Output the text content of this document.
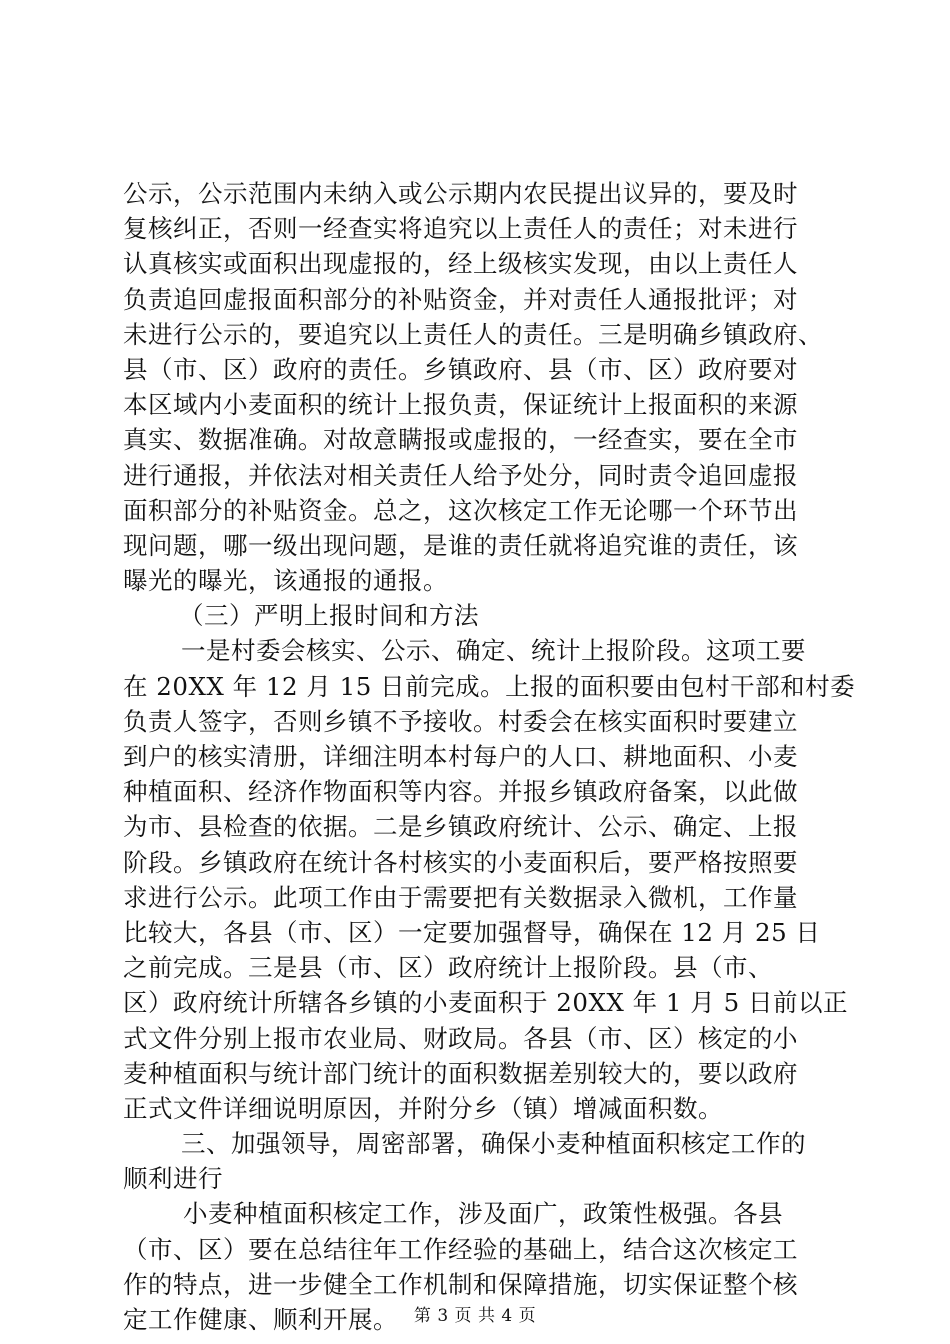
公示，公示范围内未纳入或公示期内农民提出议异的，要及时
复核纠正，否则一经查实将追究以上责任人的责任；对未进行
认真核实或面积出现虚报的，经上级核实发现，由以上责任人
负责追回虚报面积部分的补贴资金，并对责任人通报批评；对
未进行公示的，要追究以上责任人的责任。三是明确乡镇政府、
县（市、区）政府的责任。乡镇政府、县（市、区）政府要对
本区域内小麦面积的统计上报负责，保证统计上报面积的来源
真实、数据准确。对故意瞒报或虚报的，一经查实，要在全市
进行通报，并依法对相关责任人给予处分，同时责令追回虚报
面积部分的补贴资金。总之，这次核定工作无论哪一个环节出
现问题，哪一级出现问题，是谁的责任就将追究谁的责任，该
曝光的曝光，该通报的通报。
（三）严明上报时间和方法
一是村委会核实、公示、确定、统计上报阶段。这项工要
在 20XX 年 12 月 15 日前完成。上报的面积要由包村干部和村委
负责人签字，否则乡镇不予接收。村委会在核实面积时要建立
到户的核实清册，详细注明本村每户的人口、耕地面积、小麦
种植面积、经济作物面积等内容。并报乡镇政府备案，以此做
为市、县检查的依据。二是乡镇政府统计、公示、确定、上报
阶段。乡镇政府在统计各村核实的小麦面积后，要严格按照要
求进行公示。此项工作由于需要把有关数据录入微机，工作量
比较大，各县（市、区）一定要加强督导，确保在 12 月 25 日
之前完成。三是县（市、区）政府统计上报阶段。县（市、
区）政府统计所辖各乡镇的小麦面积于 20XX 年 1 月 5 日前以正
式文件分别上报市农业局、财政局。各县（市、区）核定的小
麦种植面积与统计部门统计的面积数据差别较大的，要以政府
正式文件详细说明原因，并附分乡（镇）增减面积数。
三、加强领导，周密部署，确保小麦种植面积核定工作的
顺利进行
小麦种植面积核定工作，涉及面广，政策性极强。各县
（市、区）要在总结往年工作经验的基础上，结合这次核定工
作的特点，进一步健全工作机制和保障措施，切实保证整个核
定工作健康、顺利开展。 第 3 页 共 4 页
